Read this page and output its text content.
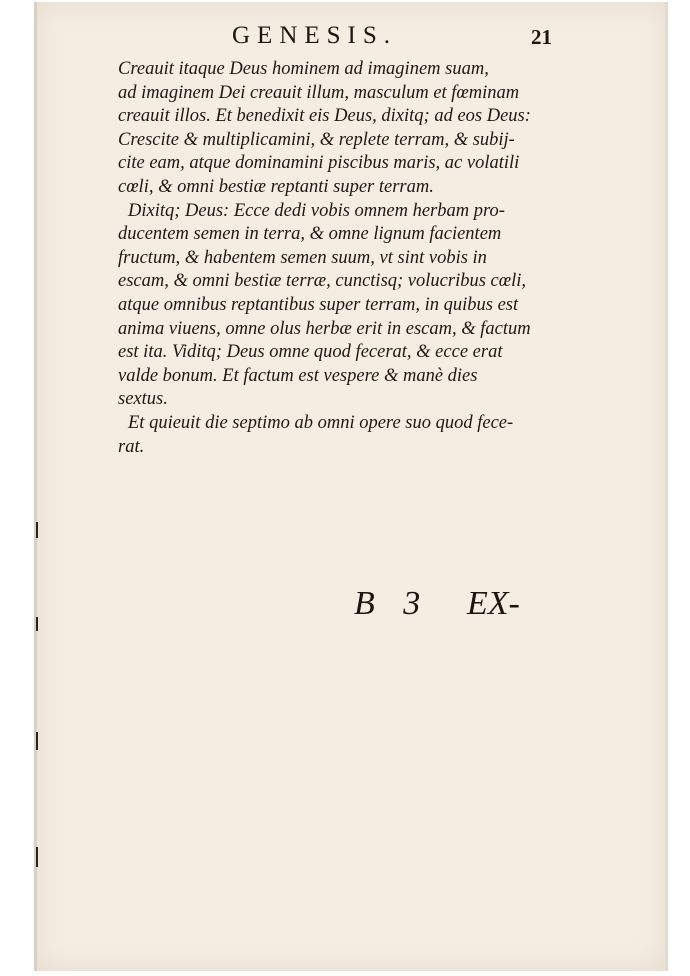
GENESIS.	21
Creauit itaque Deus hominem ad imaginem suam,
ad imaginem Dei creauit illum, masculum et fœminam
creauit illos. Et benedixit eis Deus, dixitq; ad eos Deus:
Crescite & multiplicamini, & replete terram, & subij-
cite eam, atque dominamini piscibus maris, ac volatili
cœli, & omni bestiæ reptanti super terram.
Dixitq; Deus: Ecce dedi vobis omnem herbam pro-
ducentem semen in terra, & omne lignum facientem
fructum, & habentem semen suum, vt sint vobis in
escam, & omni bestiæ terræ, cunctisq; volucribus cœli,
atque omnibus reptantibus super terram, in quibus est
anima viuens, omne olus herbæ erit in escam, & factum
est ita. Viditq; Deus omne quod fecerat, & ecce erat
valde bonum. Et factum est vespere & manè dies
sextus.
Et quieuit die septimo ab omni opere suo quod fece-
rat.
B 3 EX-
